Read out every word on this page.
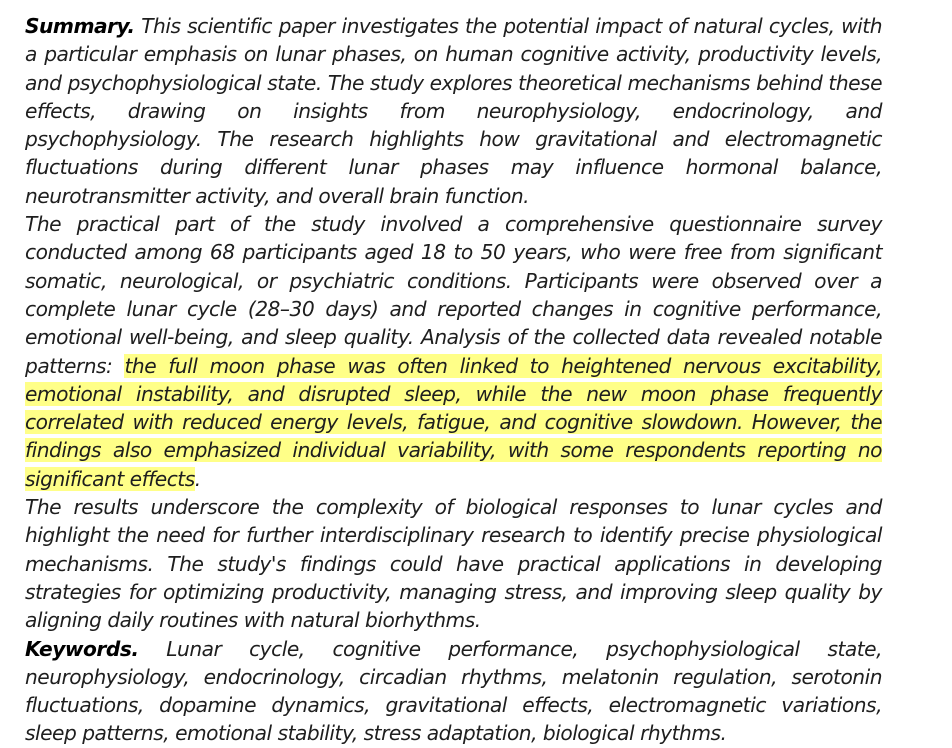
Summary. This scientific paper investigates the potential impact of natural cycles, with a particular emphasis on lunar phases, on human cognitive activity, productivity levels, and psychophysiological state. The study explores theoretical mechanisms behind these effects, drawing on insights from neurophysiology, endocrinology, and psychophysiology. The research highlights how gravitational and electromagnetic fluctuations during different lunar phases may influence hormonal balance, neurotransmitter activity, and overall brain function.

The practical part of the study involved a comprehensive questionnaire survey conducted among 68 participants aged 18 to 50 years, who were free from significant somatic, neurological, or psychiatric conditions. Participants were observed over a complete lunar cycle (28–30 days) and reported changes in cognitive performance, emotional well-being, and sleep quality. Analysis of the collected data revealed notable patterns: the full moon phase was often linked to heightened nervous excitability, emotional instability, and disrupted sleep, while the new moon phase frequently correlated with reduced energy levels, fatigue, and cognitive slowdown. However, the findings also emphasized individual variability, with some respondents reporting no significant effects.

The results underscore the complexity of biological responses to lunar cycles and highlight the need for further interdisciplinary research to identify precise physiological mechanisms. The study's findings could have practical applications in developing strategies for optimizing productivity, managing stress, and improving sleep quality by aligning daily routines with natural biorhythms.

Keywords. Lunar cycle, cognitive performance, psychophysiological state, neurophysiology, endocrinology, circadian rhythms, melatonin regulation, serotonin fluctuations, dopamine dynamics, gravitational effects, electromagnetic variations, sleep patterns, emotional stability, stress adaptation, biological rhythms.
